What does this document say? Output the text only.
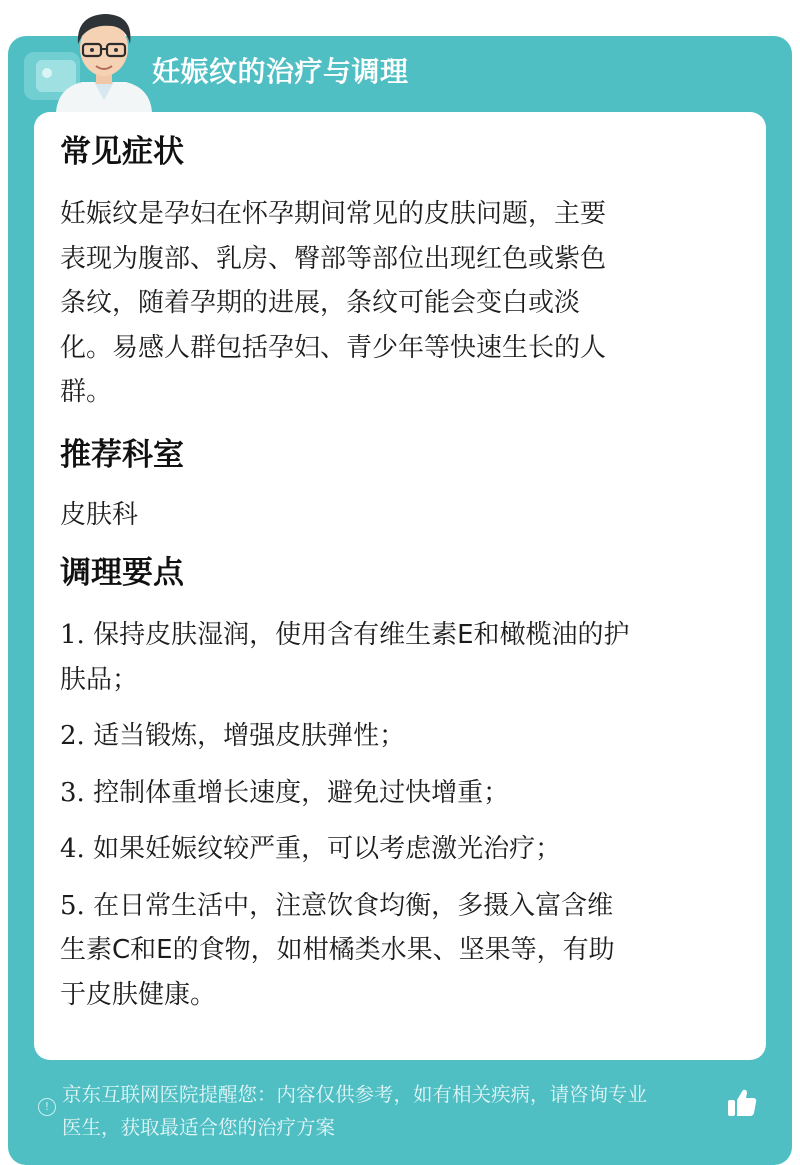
妊娠纹的治疗与调理
常见症状
妊娠纹是孕妇在怀孕期间常见的皮肤问题，主要
表现为腹部、乳房、臀部等部位出现红色或紫色
条纹，随着孕期的进展，条纹可能会变白或淡
化。易感人群包括孕妇、青少年等快速生长的人
群。
推荐科室
皮肤科
调理要点
1. 保持皮肤湿润，使用含有维生素E和橄榄油的护
肤品；
2. 适当锻炼，增强皮肤弹性；
3. 控制体重增长速度，避免过快增重；
4. 如果妊娠纹较严重，可以考虑激光治疗；
5. 在日常生活中，注意饮食均衡，多摄入富含维
生素C和E的食物，如柑橘类水果、坚果等，有助
于皮肤健康。
!
京东互联网医院提醒您：内容仅供参考，如有相关疾病，请咨询专业
医生，获取最适合您的治疗方案
